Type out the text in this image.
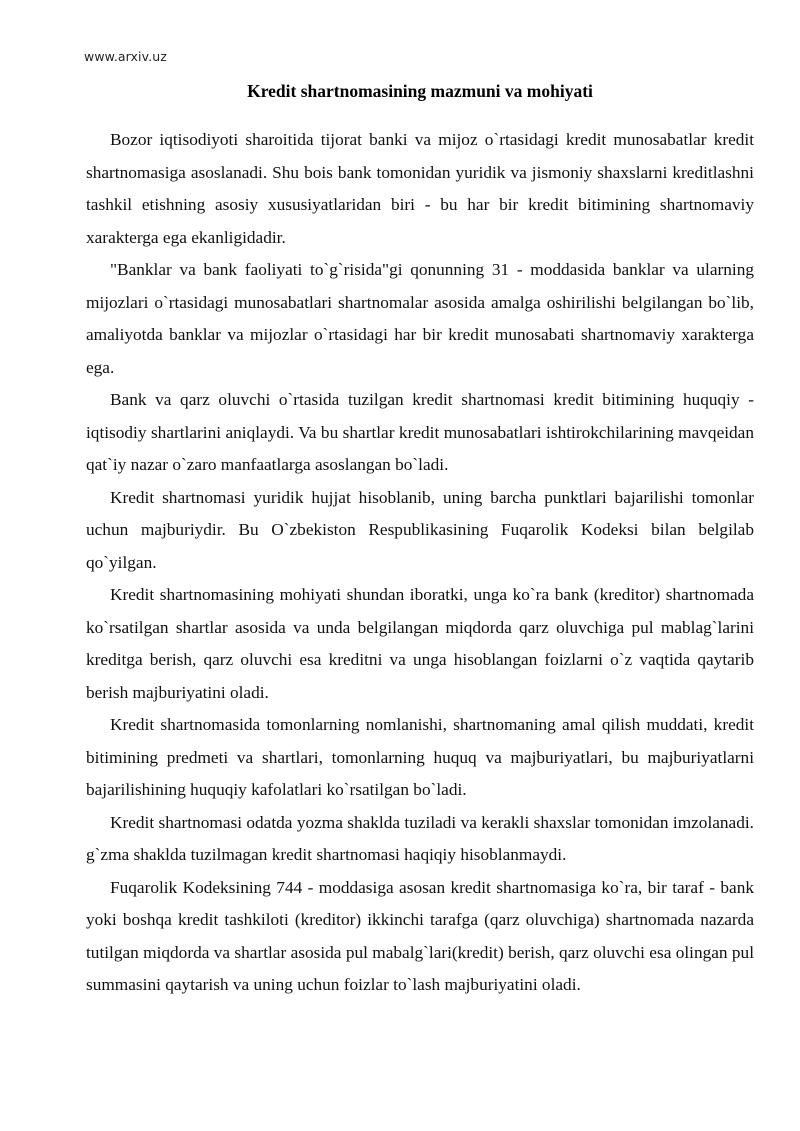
www.arxiv.uz
Kredit shartnomasining mazmuni va mohiyati

Bozor iqtisodiyoti sharoitida tijorat banki va mijoz o`rtasidagi kredit munosabatlar kredit shartnomasiga asoslanadi. Shu bois bank tomonidan yuridik va jismoniy shaxslarni kreditlashni tashkil etishning asosiy xususiyatlaridan biri - bu har bir kredit bitimining shartnomaviy xarakterga ega ekanligidadir.

"Banklar va bank faoliyati to`g`risida"gi qonunning 31 - moddasida banklar va ularning mijozlari o`rtasidagi munosabatlari shartnomalar asosida amalga oshirilishi belgilangan bo`lib, amaliyotda banklar va mijozlar o`rtasidagi har bir kredit munosabati shartnomaviy xarakterga ega.

Bank va qarz oluvchi o`rtasida tuzilgan kredit shartnomasi kredit bitimining huquqiy - iqtisodiy shartlarini aniqlaydi. Va bu shartlar kredit munosabatlari ishtirokchilarining mavqeidan qat`iy nazar o`zaro manfaatlarga asoslangan bo`ladi.

Kredit shartnomasi yuridik hujjat hisoblanib, uning barcha punktlari bajarilishi tomonlar uchun majburiydir. Bu O`zbekiston Respublikasining Fuqarolik Kodeksi bilan belgilab qo`yilgan.

Kredit shartnomasining mohiyati shundan iboratki, unga ko`ra bank (kreditor) shartnomada ko`rsatilgan shartlar asosida va unda belgilangan miqdorda qarz oluvchiga pul mablag`larini kreditga berish, qarz oluvchi esa kreditni va unga hisoblangan foizlarni o`z vaqtida qaytarib berish majburiyatini oladi.

Kredit shartnomasida tomonlarning nomlanishi, shartnomaning amal qilish muddati, kredit bitimining predmeti va shartlari, tomonlarning huquq va majburiyatlari, bu majburiyatlarni bajarilishining huquqiy kafolatlari ko`rsatilgan bo`ladi.

Kredit shartnomasi odatda yozma shaklda tuziladi va kerakli shaxslar tomonidan imzolanadi. g`zma shaklda tuzilmagan kredit shartnomasi haqiqiy hisoblanmaydi.

Fuqarolik Kodeksining 744 - moddasiga asosan kredit shartnomasiga ko`ra, bir taraf - bank yoki boshqa kredit tashkiloti (kreditor) ikkinchi tarafga (qarz oluvchiga) shartnomada nazarda tutilgan miqdorda va shartlar asosida pul mabalg`lari(kredit) berish, qarz oluvchi esa olingan pul summasini qaytarish va uning uchun foizlar to`lash majburiyatini oladi.
